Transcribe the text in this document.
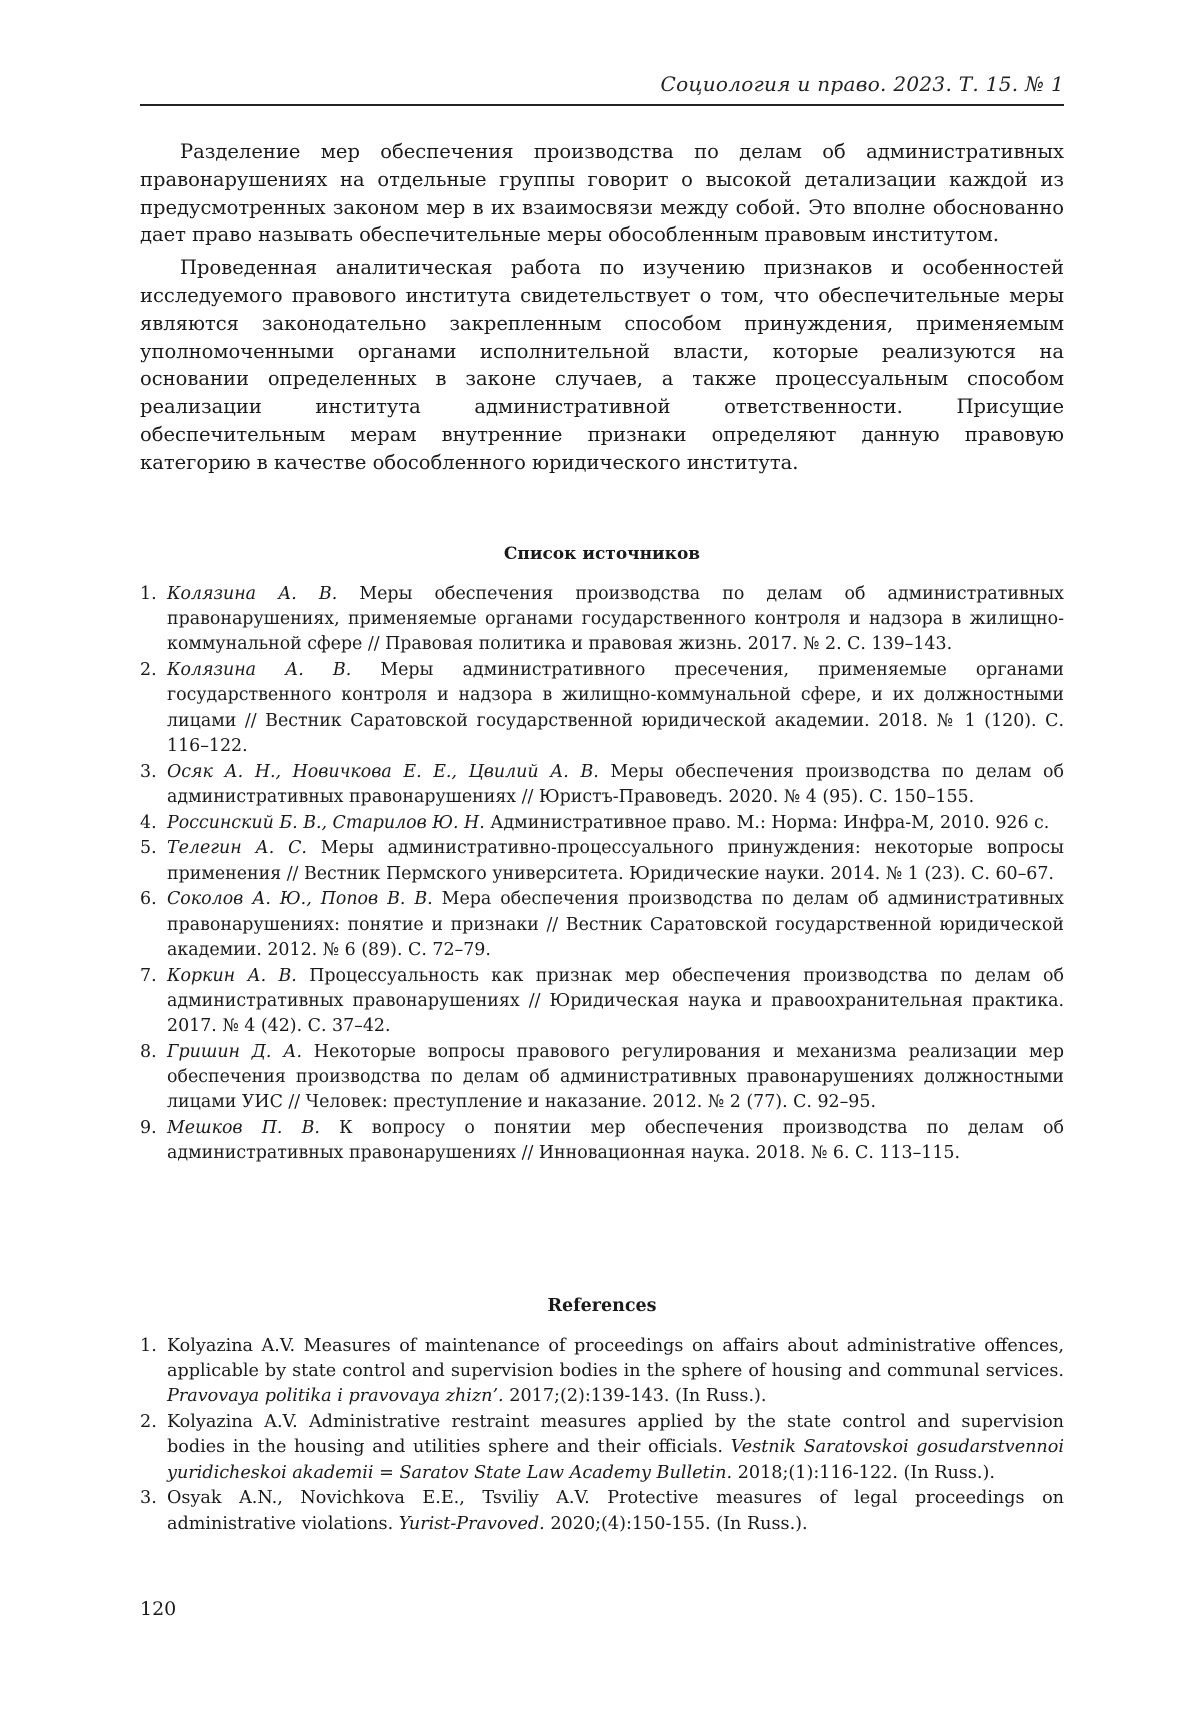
Социология и право. 2023. Т. 15. № 1

Разделение мер обеспечения производства по делам об административных правонарушениях на отдельные группы говорит о высокой детализации каждой из предусмотренных законом мер в их взаимосвязи между собой. Это вполне обоснованно дает право называть обеспечительные меры обособленным правовым институтом.

Проведенная аналитическая работа по изучению признаков и особенностей исследуемого правового института свидетельствует о том, что обеспечительные меры являются законодательно закрепленным способом принуждения, применяемым уполномоченными органами исполнительной власти, которые реализуются на основании определенных в законе случаев, а также процессуальным способом реализации института административной ответственности. Присущие обеспечительным мерам внутренние признаки определяют данную правовую категорию в качестве обособленного юридического института.

Список источников
1. Колязина А. В. Меры обеспечения производства по делам об административных правонарушениях, применяемые органами государственного контроля и надзора в жилищно-коммунальной сфере // Правовая политика и правовая жизнь. 2017. № 2. С. 139–143.
2. Колязина А. В. Меры административного пресечения, применяемые органами государственного контроля и надзора в жилищно-коммунальной сфере, и их должностными лицами // Вестник Саратовской государственной юридической академии. 2018. № 1 (120). С. 116–122.
3. Осяк А. Н., Новичкова Е. Е., Цвилий А. В. Меры обеспечения производства по делам об административных правонарушениях // Юристъ-Правоведъ. 2020. № 4 (95). С. 150–155.
4. Россинский Б. В., Старилов Ю. Н. Административное право. М.: Норма: Инфра-М, 2010. 926 с.
5. Телегин А. С. Меры административно-процессуального принуждения: некоторые вопросы применения // Вестник Пермского университета. Юридические науки. 2014. № 1 (23). С. 60–67.
6. Соколов А. Ю., Попов В. В. Мера обеспечения производства по делам об административных правонарушениях: понятие и признаки // Вестник Саратовской государственной юридической академии. 2012. № 6 (89). С. 72–79.
7. Коркин А. В. Процессуальность как признак мер обеспечения производства по делам об административных правонарушениях // Юридическая наука и правоохранительная практика. 2017. № 4 (42). С. 37–42.
8. Гришин Д. А. Некоторые вопросы правового регулирования и механизма реализации мер обеспечения производства по делам об административных правонарушениях должностными лицами УИС // Человек: преступление и наказание. 2012. № 2 (77). С. 92–95.
9. Мешков П. В. К вопросу о понятии мер обеспечения производства по делам об административных правонарушениях // Инновационная наука. 2018. № 6. С. 113–115.
References
1. Kolyazina A.V. Measures of maintenance of proceedings on affairs about administrative offences, applicable by state control and supervision bodies in the sphere of housing and communal services. Pravovaya politika i pravovaya zhizn’. 2017;(2):139-143. (In Russ.).
2. Kolyazina A.V. Administrative restraint measures applied by the state control and supervision bodies in the housing and utilities sphere and their officials. Vestnik Saratovskoi gosudarstvennoi yuridicheskoi akademii = Saratov State Law Academy Bulletin. 2018;(1):116-122. (In Russ.).
3. Osyak A.N., Novichkova E.E., Tsviliy A.V. Protective measures of legal proceedings on administrative violations. Yurist-Pravoved. 2020;(4):150-155. (In Russ.).
120
